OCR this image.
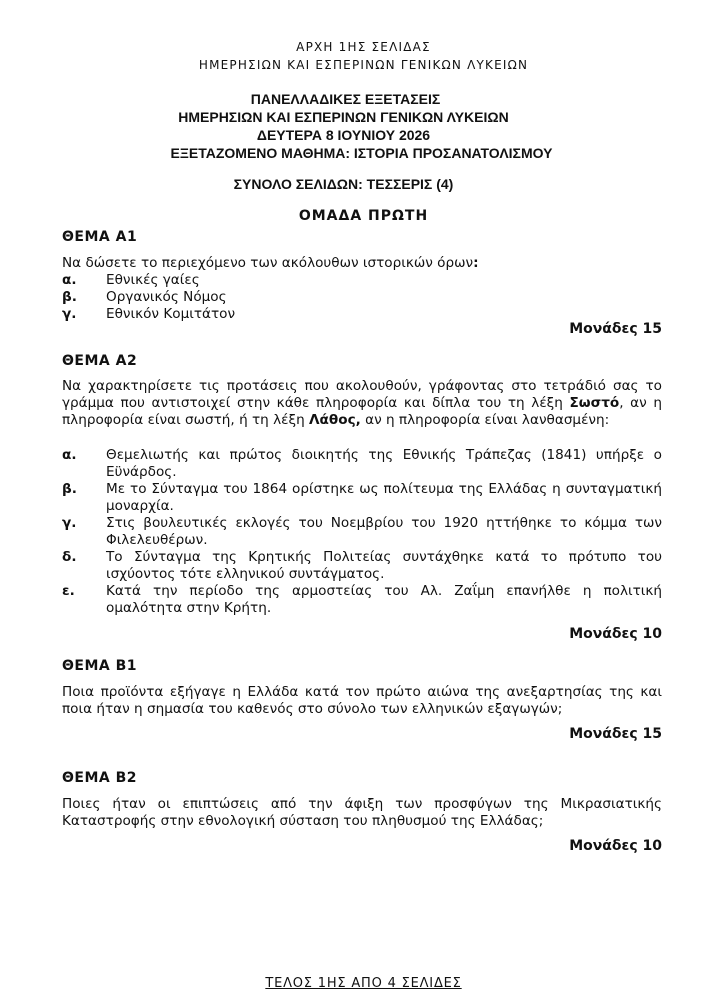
ΑΡΧΗ 1ΗΣ ΣΕΛΙΔΑΣ
ΗΜΕΡΗΣΙΩΝ ΚΑΙ ΕΣΠΕΡΙΝΩΝ ΓΕΝΙΚΩΝ ΛΥΚΕΙΩΝ
ΠΑΝΕΛΛΑΔΙΚΕΣ ΕΞΕΤΑΣΕΙΣ
ΗΜΕΡΗΣΙΩΝ ΚΑΙ ΕΣΠΕΡΙΝΩΝ ΓΕΝΙΚΩΝ ΛΥΚΕΙΩΝ
ΔΕΥΤΕΡΑ 8 ΙΟΥΝΙΟΥ 2026
ΕΞΕΤΑΖΟΜΕΝΟ ΜΑΘΗΜΑ: ΙΣΤΟΡΙΑ ΠΡΟΣΑΝΑΤΟΛΙΣΜΟΥ
ΣΥΝΟΛΟ ΣΕΛΙΔΩΝ: ΤΕΣΣΕΡΙΣ (4)
ΟΜΑΔΑ ΠΡΩΤΗ
ΘΕΜΑ Α1
Να δώσετε το περιεχόμενο των ακόλουθων ιστορικών όρων:
α. Εθνικές γαίες
β. Οργανικός Νόμος
γ. Εθνικόν Κομιτάτον
Μονάδες 15
ΘΕΜΑ Α2
Να χαρακτηρίσετε τις προτάσεις που ακολουθούν, γράφοντας στο τετράδιό σας το γράμμα που αντιστοιχεί στην κάθε πληροφορία και δίπλα του τη λέξη Σωστό, αν η πληροφορία είναι σωστή, ή τη λέξη Λάθος, αν η πληροφορία είναι λανθασμένη:
α. Θεμελιωτής και πρώτος διοικητής της Εθνικής Τράπεζας (1841) υπήρξε ο Εϋνάρδος.
β. Με το Σύνταγμα του 1864 ορίστηκε ως πολίτευμα της Ελλάδας η συνταγματική μοναρχία.
γ. Στις βουλευτικές εκλογές του Νοεμβρίου του 1920 ηττήθηκε το κόμμα των Φιλελευθέρων.
δ. Το Σύνταγμα της Κρητικής Πολιτείας συντάχθηκε κατά το πρότυπο του ισχύοντος τότε ελληνικού συντάγματος.
ε. Κατά την περίοδο της αρμοστείας του Αλ. Ζαΐμη επανήλθε η πολιτική ομαλότητα στην Κρήτη.
Μονάδες 10
ΘΕΜΑ Β1
Ποια προϊόντα εξήγαγε η Ελλάδα κατά τον πρώτο αιώνα της ανεξαρτησίας της και ποια ήταν η σημασία του καθενός στο σύνολο των ελληνικών εξαγωγών;
Μονάδες 15
ΘΕΜΑ Β2
Ποιες ήταν οι επιπτώσεις από την άφιξη των προσφύγων της Μικρασιατικής Καταστροφής στην εθνολογική σύσταση του πληθυσμού της Ελλάδας;
Μονάδες 10
ΤΕΛΟΣ 1ΗΣ ΑΠΟ 4 ΣΕΛΙΔΕΣ
